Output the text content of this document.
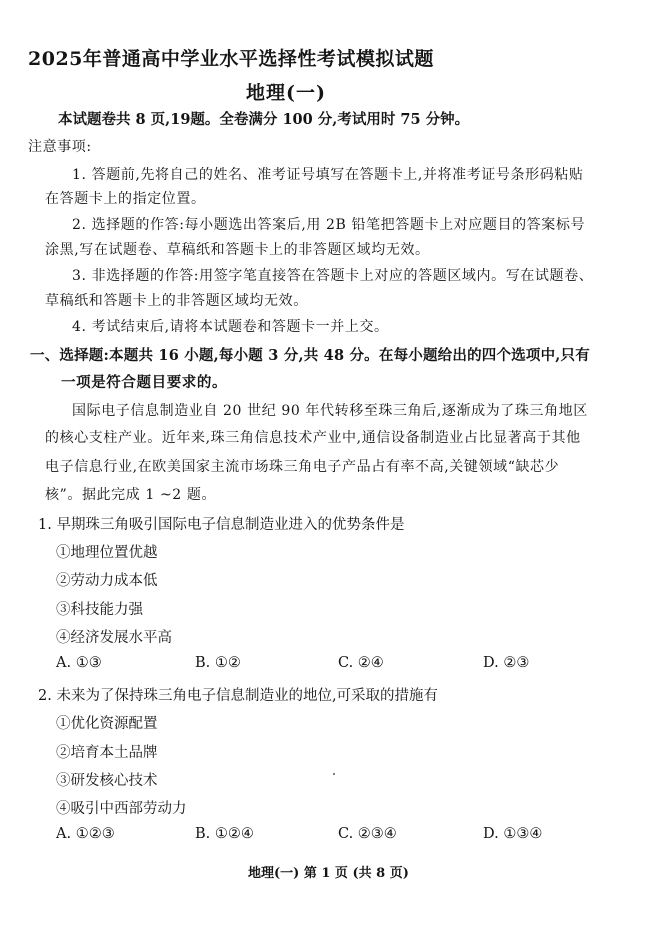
2025年普通高中学业水平选择性考试模拟试题
地理(一)
本试题卷共 8 页,19题。全卷满分 100 分,考试用时 75 分钟。
注意事项:
1. 答题前,先将自己的姓名、准考证号填写在答题卡上,并将准考证号条形码粘贴
在答题卡上的指定位置。
2. 选择题的作答:每小题选出答案后,用 2B 铅笔把答题卡上对应题目的答案标号
涂黑,写在试题卷、草稿纸和答题卡上的非答题区域均无效。
3. 非选择题的作答:用签字笔直接答在答题卡上对应的答题区域内。写在试题卷、
草稿纸和答题卡上的非答题区域均无效。
4. 考试结束后,请将本试题卷和答题卡一并上交。
一、选择题:本题共 16 小题,每小题 3 分,共 48 分。在每小题给出的四个选项中,只有
一项是符合题目要求的。
国际电子信息制造业自 20 世纪 90 年代转移至珠三角后,逐渐成为了珠三角地区
的核心支柱产业。近年来,珠三角信息技术产业中,通信设备制造业占比显著高于其他
电子信息行业,在欧美国家主流市场珠三角电子产品占有率不高,关键领域“缺芯少
核”。据此完成 1 ~2 题。
1. 早期珠三角吸引国际电子信息制造业进入的优势条件是
①地理位置优越
②劳动力成本低
③科技能力强
④经济发展水平高
A. ①③	B. ①②	C. ②④	D. ②③
2. 未来为了保持珠三角电子信息制造业的地位,可采取的措施有
①优化资源配置
②培育本土品牌
③研发核心技术
④吸引中西部劳动力
A. ①②③	B. ①②④	C. ②③④	D. ①③④
地理(一) 第 1 页 (共 8 页)
